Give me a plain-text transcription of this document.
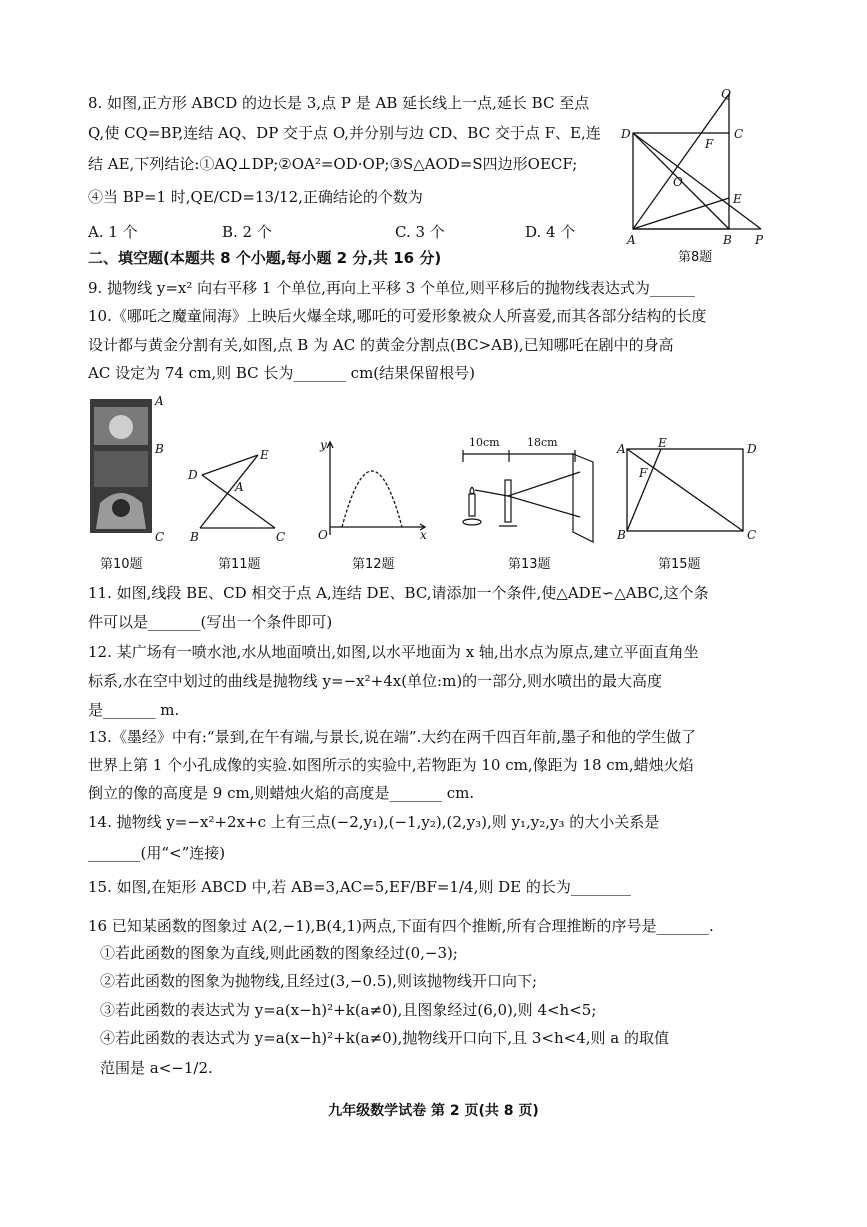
8. 如图,正方形 ABCD 的边长是 3,点 P 是 AB 延长线上一点,延长 BC 至点
Q,使 CQ=BP,连结 AQ、DP 交于点 O,并分别与边 CD、BC 交于点 F、E,连
结 AE,下列结论:①AQ⊥DP;②OA²=OD·OP;③S△AOD=S四边形OECF;
④当 BP=1 时,QE/CD=13/12,正确结论的个数为
A. 1 个	B. 2 个	C. 3 个	D. 4 个
D	C
F
O
E
A	B P
Q
第8题
二、填空题(本题共 8 个小题,每小题 2 分,共 16 分)
9. 抛物线 y=x² 向右平移 1 个单位,再向上平移 3 个单位,则平移后的抛物线表达式为______
10.《哪吒之魔童闹海》上映后火爆全球,哪吒的可爱形象被众人所喜爱,而其各部分结构的长度
设计都与黄金分割有关,如图,点 B 为 AC 的黄金分割点(BC>AB),已知哪吒在剧中的身高
AC 设定为 74 cm,则 BC 长为_______ cm(结果保留根号)
A
B
C
第10题
D
E
A
B	C
第11题
y
O	x
第12题
10cm 18cm
第13题
A	E	D
F
B	C
第15题
11. 如图,线段 BE、CD 相交于点 A,连结 DE、BC,请添加一个条件,使△ADE∽△ABC,这个条
件可以是_______(写出一个条件即可)
12. 某广场有一喷水池,水从地面喷出,如图,以水平地面为 x 轴,出水点为原点,建立平面直角坐
标系,水在空中划过的曲线是抛物线 y=−x²+4x(单位:m)的一部分,则水喷出的最大高度
是_______ m.
13.《墨经》中有:“景到,在午有端,与景长,说在端”.大约在两千四百年前,墨子和他的学生做了
世界上第 1 个小孔成像的实验.如图所示的实验中,若物距为 10 cm,像距为 18 cm,蜡烛火焰
倒立的像的高度是 9 cm,则蜡烛火焰的高度是_______ cm.
14. 抛物线 y=−x²+2x+c 上有三点(−2,y₁),(−1,y₂),(2,y₃),则 y₁,y₂,y₃ 的大小关系是
_______(用“<”连接)
15. 如图,在矩形 ABCD 中,若 AB=3,AC=5,EF/BF=1/4,则 DE 的长为________
16 已知某函数的图象过 A(2,−1),B(4,1)两点,下面有四个推断,所有合理推断的序号是_______.
①若此函数的图象为直线,则此函数的图象经过(0,−3);
②若此函数的图象为抛物线,且经过(3,−0.5),则该抛物线开口向下;
③若此函数的表达式为 y=a(x−h)²+k(a≠0),且图象经过(6,0),则 4<h<5;
④若此函数的表达式为 y=a(x−h)²+k(a≠0),抛物线开口向下,且 3<h<4,则 a 的取值
范围是 a<−1/2.
九年级数学试卷 第 2 页(共 8 页)
